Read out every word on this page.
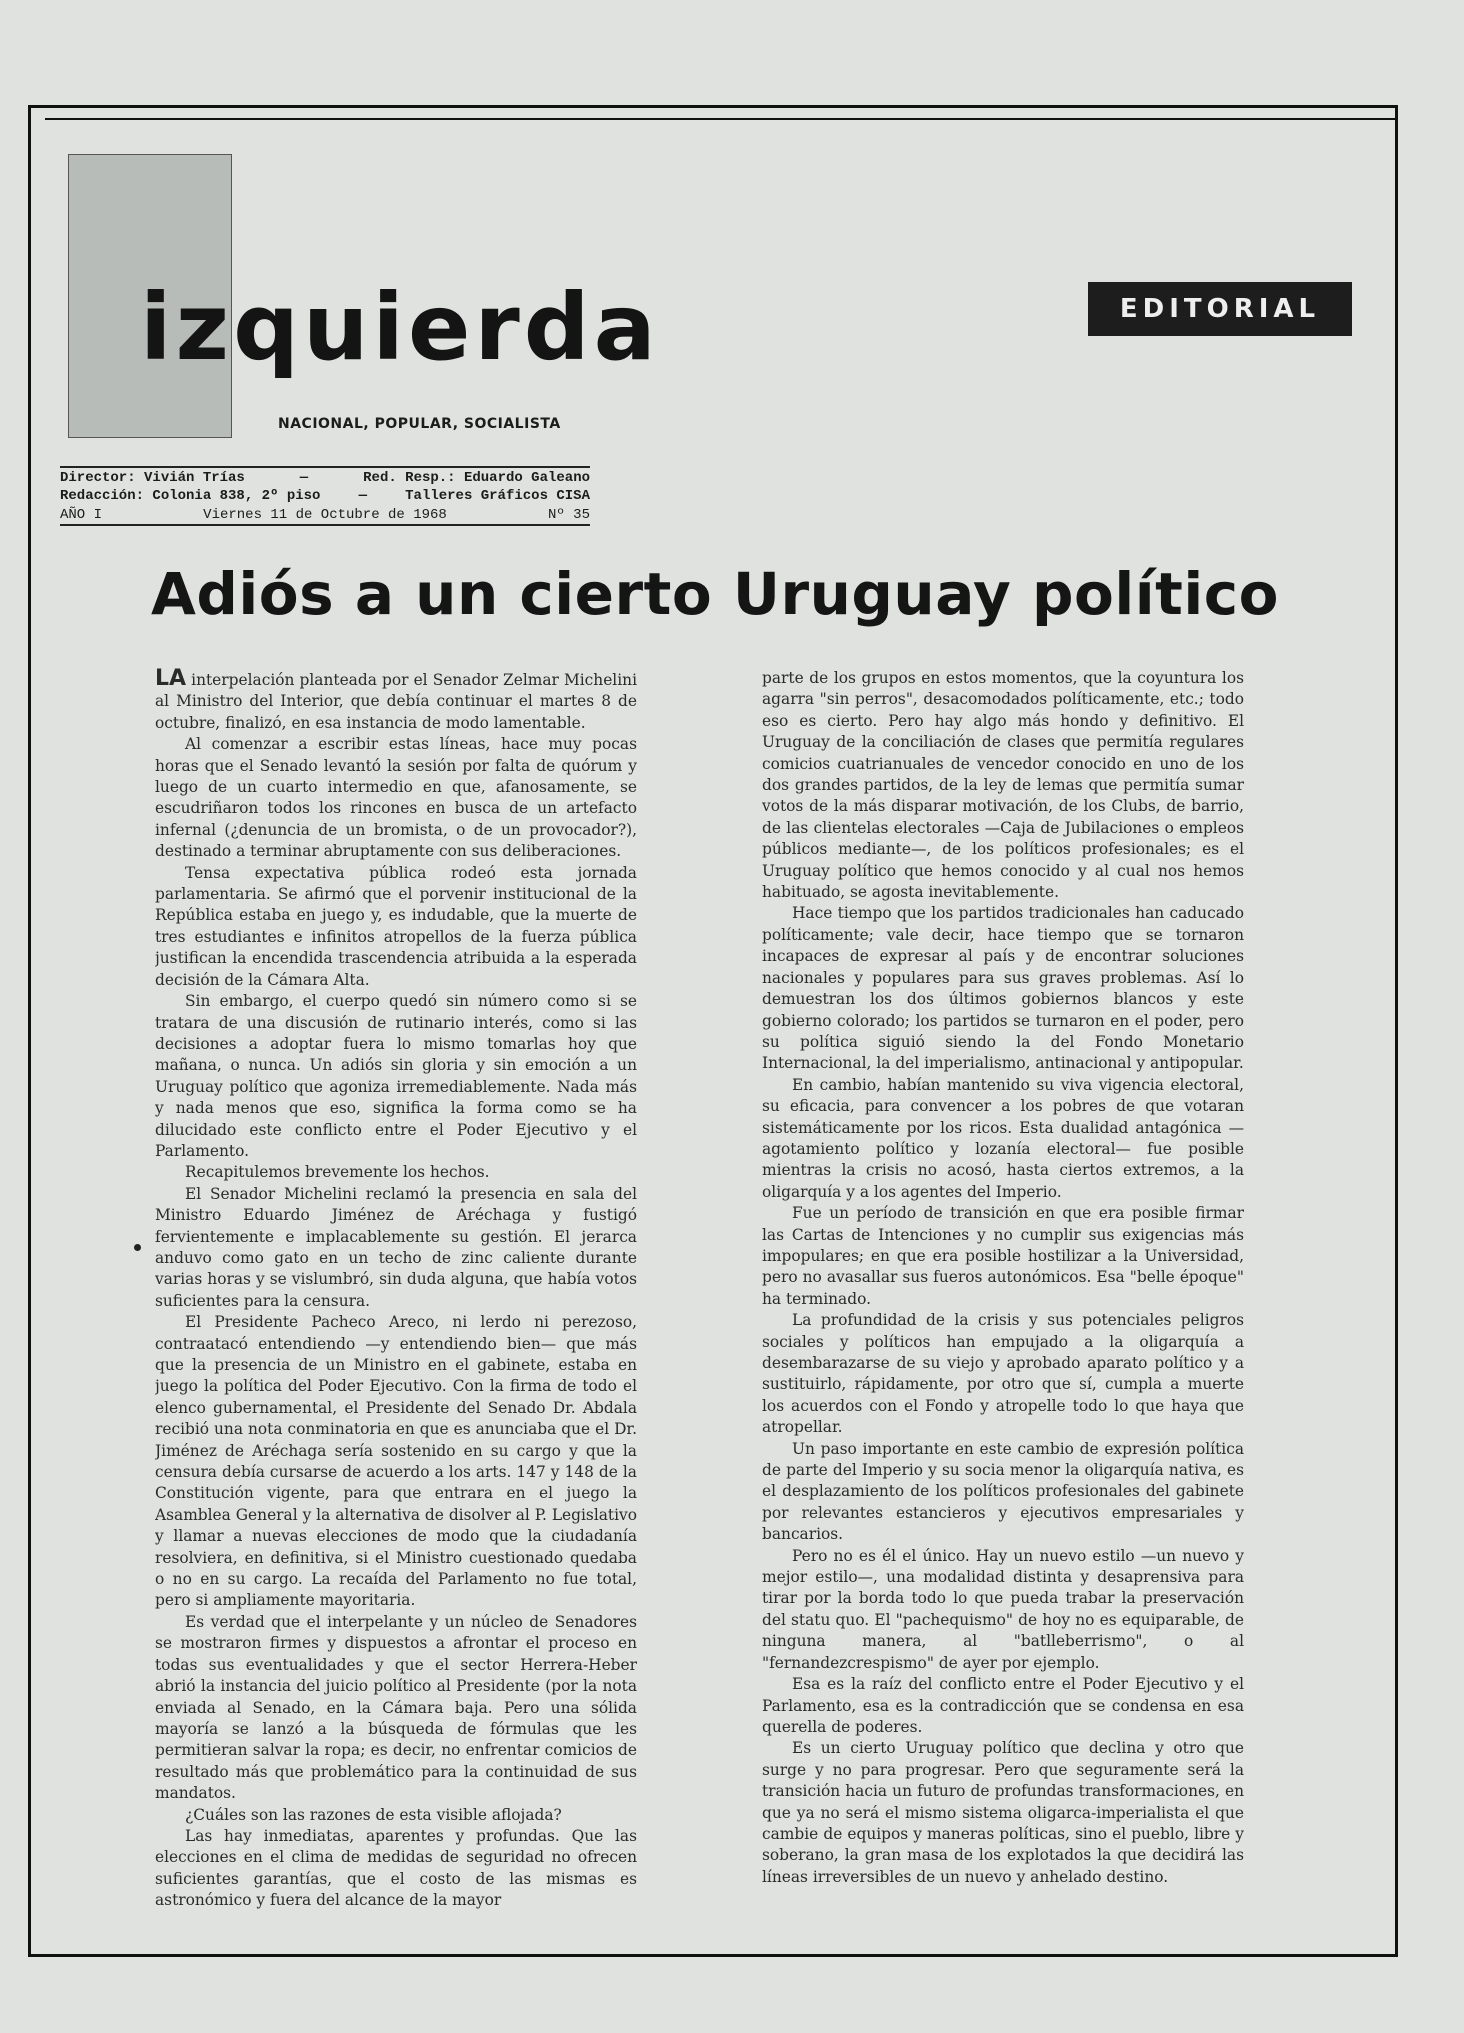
izquierda
NACIONAL, POPULAR, SOCIALISTA
EDITORIAL
Director: Vivián Trías	—	Red. Resp.: Eduardo Galeano
Redacción: Colonia 838, 2º piso	—	Talleres Gráficos CISA
AÑO I	Viernes 11 de Octubre de 1968	Nº 35
Adiós a un cierto Uruguay político

LA interpelación planteada por el Senador Zelmar Michelini al Ministro del Interior, que debía continuar el martes 8 de octubre, finalizó, en esa instancia de modo lamentable.

Al comenzar a escribir estas líneas, hace muy pocas horas que el Senado levantó la sesión por falta de quórum y luego de un cuarto intermedio en que, afanosamente, se escudriñaron todos los rincones en busca de un artefacto infernal (¿denuncia de un bromista, o de un provocador?), destinado a terminar abruptamente con sus deliberaciones.

Tensa expectativa pública rodeó esta jornada parlamentaria. Se afirmó que el porvenir institucional de la República estaba en juego y, es indudable, que la muerte de tres estudiantes e infinitos atropellos de la fuerza pública justifican la encendida trascendencia atribuida a la esperada decisión de la Cámara Alta.

Sin embargo, el cuerpo quedó sin número como si se tratara de una discusión de rutinario interés, como si las decisiones a adoptar fuera lo mismo tomarlas hoy que mañana, o nunca. Un adiós sin gloria y sin emoción a un Uruguay político que agoniza irremediablemente. Nada más y nada menos que eso, significa la forma como se ha dilucidado este conflicto entre el Poder Ejecutivo y el Parlamento.

Recapitulemos brevemente los hechos.

El Senador Michelini reclamó la presencia en sala del Ministro Eduardo Jiménez de Aréchaga y fustigó fervientemente e implacablemente su gestión. El jerarca anduvo como gato en un techo de zinc caliente durante varias horas y se vislumbró, sin duda alguna, que había votos suficientes para la censura.

El Presidente Pacheco Areco, ni lerdo ni perezoso, contraatacó entendiendo —y entendiendo bien— que más que la presencia de un Ministro en el gabinete, estaba en juego la política del Poder Ejecutivo. Con la firma de todo el elenco gubernamental, el Presidente del Senado Dr. Abdala recibió una nota conminatoria en que es anunciaba que el Dr. Jiménez de Aréchaga sería sostenido en su cargo y que la censura debía cursarse de acuerdo a los arts. 147 y 148 de la Constitución vigente, para que entrara en el juego la Asamblea General y la alternativa de disolver al P. Legislativo y llamar a nuevas elecciones de modo que la ciudadanía resolviera, en definitiva, si el Ministro cuestionado quedaba o no en su cargo. La recaída del Parlamento no fue total, pero si ampliamente mayoritaria.

Es verdad que el interpelante y un núcleo de Senadores se mostraron firmes y dispuestos a afrontar el proceso en todas sus eventualidades y que el sector Herrera-Heber abrió la instancia del juicio político al Presidente (por la nota enviada al Senado, en la Cámara baja. Pero una sólida mayoría se lanzó a la búsqueda de fórmulas que les permitieran salvar la ropa; es decir, no enfrentar comicios de resultado más que problemático para la continuidad de sus mandatos.

¿Cuáles son las razones de esta visible aflojada?

Las hay inmediatas, aparentes y profundas. Que las elecciones en el clima de medidas de seguridad no ofrecen suficientes garantías, que el costo de las mismas es astronómico y fuera del alcance de la mayor

parte de los grupos en estos momentos, que la coyuntura los agarra "sin perros", desacomodados políticamente, etc.; todo eso es cierto. Pero hay algo más hondo y definitivo. El Uruguay de la conciliación de clases que permitía regulares comicios cuatrianuales de vencedor conocido en uno de los dos grandes partidos, de la ley de lemas que permitía sumar votos de la más disparar motivación, de los Clubs, de barrio, de las clientelas electorales —Caja de Jubilaciones o empleos públicos mediante—, de los políticos profesionales; es el Uruguay político que hemos conocido y al cual nos hemos habituado, se agosta inevitablemente.

Hace tiempo que los partidos tradicionales han caducado políticamente; vale decir, hace tiempo que se tornaron incapaces de expresar al país y de encontrar soluciones nacionales y populares para sus graves problemas. Así lo demuestran los dos últimos gobiernos blancos y este gobierno colorado; los partidos se turnaron en el poder, pero su política siguió siendo la del Fondo Monetario Internacional, la del imperialismo, antinacional y antipopular.

En cambio, habían mantenido su viva vigencia electoral, su eficacia, para convencer a los pobres de que votaran sistemáticamente por los ricos. Esta dualidad antagónica —agotamiento político y lozanía electoral— fue posible mientras la crisis no acosó, hasta ciertos extremos, a la oligarquía y a los agentes del Imperio.

Fue un período de transición en que era posible firmar las Cartas de Intenciones y no cumplir sus exigencias más impopulares; en que era posible hostilizar a la Universidad, pero no avasallar sus fueros autonómicos. Esa "belle époque" ha terminado.

La profundidad de la crisis y sus potenciales peligros sociales y políticos han empujado a la oligarquía a desembarazarse de su viejo y aprobado aparato político y a sustituirlo, rápidamente, por otro que sí, cumpla a muerte los acuerdos con el Fondo y atropelle todo lo que haya que atropellar.

Un paso importante en este cambio de expresión política de parte del Imperio y su socia menor la oligarquía nativa, es el desplazamiento de los políticos profesionales del gabinete por relevantes estancieros y ejecutivos empresariales y bancarios.

Pero no es él el único. Hay un nuevo estilo —un nuevo y mejor estilo—, una modalidad distinta y desaprensiva para tirar por la borda todo lo que pueda trabar la preservación del statu quo. El "pachequismo" de hoy no es equiparable, de ninguna manera, al "batlleberrismo", o al "fernandezcrespismo" de ayer por ejemplo.

Esa es la raíz del conflicto entre el Poder Ejecutivo y el Parlamento, esa es la contradicción que se condensa en esa querella de poderes.

Es un cierto Uruguay político que declina y otro que surge y no para progresar. Pero que seguramente será la transición hacia un futuro de profundas transformaciones, en que ya no será el mismo sistema oligarca-imperialista el que cambie de equipos y maneras políticas, sino el pueblo, libre y soberano, la gran masa de los explotados la que decidirá las líneas irreversibles de un nuevo y anhelado destino.
